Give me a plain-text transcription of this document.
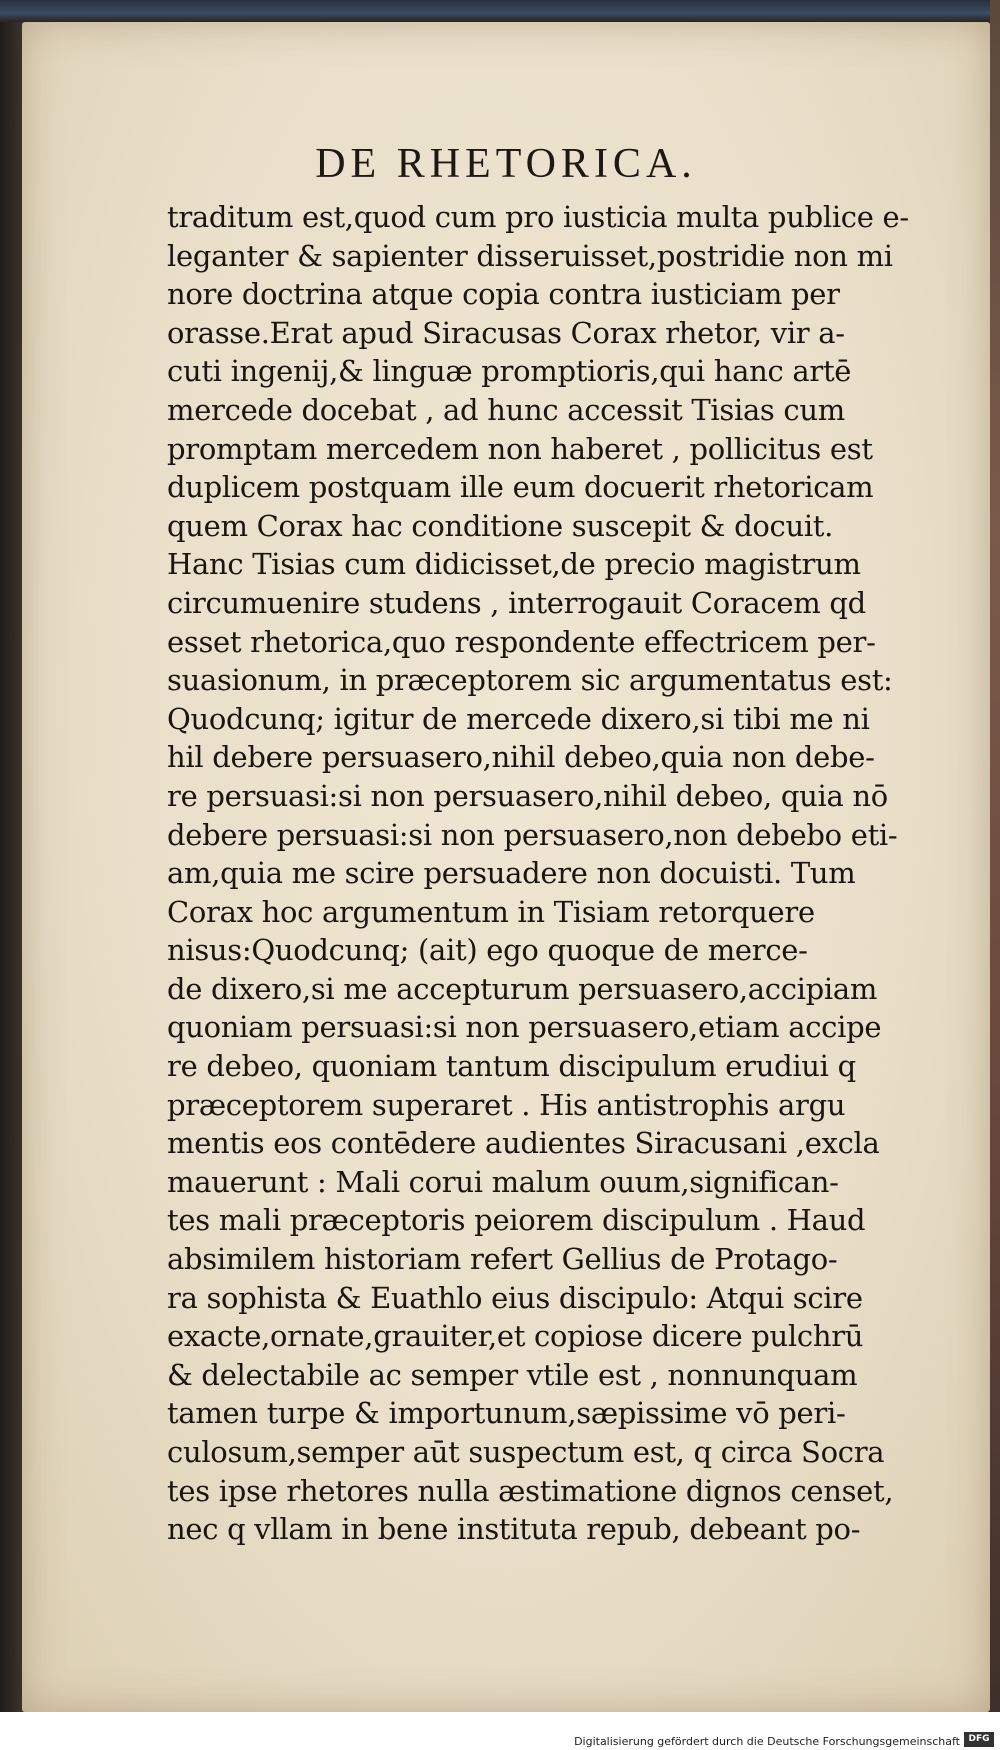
DE RHETORICA.
traditum est,quod cum pro iusticia multa publice e-
leganter & sapienter disseruisset,postridie non mi
nore doctrina atque copia contra iusticiam per
orasse.Erat apud Siracusas Corax rhetor, vir a-
cuti ingenij,& linguæ promptioris,qui hanc artē
mercede docebat , ad hunc accessit Tisias cum
promptam mercedem non haberet , pollicitus est
duplicem postquam ille eum docuerit rhetoricam
quem Corax hac conditione suscepit & docuit.
Hanc Tisias cum didicisset,de precio magistrum
circumuenire studens , interrogauit Coracem qd
esset rhetorica,quo respondente effectricem per-
suasionum, in præceptorem sic argumentatus est:
Quodcunq; igitur de mercede dixero,si tibi me ni
hil debere persuasero,nihil debeo,quia non debe-
re persuasi:si non persuasero,nihil debeo, quia nō
debere persuasi:si non persuasero,non debebo eti-
am,quia me scire persuadere non docuisti. Tum
Corax hoc argumentum in Tisiam retorquere
nisus:Quodcunq; (ait) ego quoque de merce-
de dixero,si me accepturum persuasero,accipiam
quoniam persuasi:si non persuasero,etiam accipe
re debeo, quoniam tantum discipulum erudiui q
præceptorem superaret . His antistrophis argu
mentis eos contēdere audientes Siracusani ,excla
mauerunt : Mali corui malum ouum,significan-
tes mali præceptoris peiorem discipulum . Haud
absimilem historiam refert Gellius de Protago-
ra sophista & Euathlo eius discipulo: Atqui scire
exacte,ornate,grauiter,et copiose dicere pulchrū
& delectabile ac semper vtile est , nonnunquam
tamen turpe & importunum,sæpissime vō peri-
culosum,semper aūt suspectum est, q circa Socra
tes ipse rhetores nulla æstimatione dignos censet,
nec q vllam in bene instituta repub, debeant po-
Digitalisierung gefördert durch die Deutsche Forschungsgemeinschaft DFG
